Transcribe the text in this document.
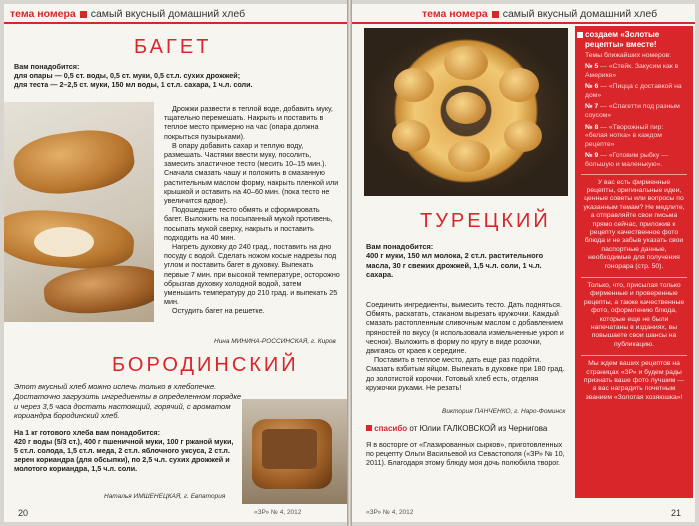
тема номера самый вкусный домашний хлеб
БАГЕТ

Вам понадобится:

для опары — 0,5 ст. воды, 0,5 ст. муки, 0,5 ст.л. сухих дрожжей;

для теста — 2–2,5 ст. муки, 150 мл воды, 1 ст.л. сахара, 1 ч.л. соли.

Дрожжи развести в теплой воде, добавить муку, тщательно перемешать. Накрыть и поставить в теплое место примерно на час (опара должна покрыться пузырьками).

В опару добавить сахар и теплую воду, размешать. Частями ввести муку, посолить, замесить эластичное тесто (месить 10–15 мин.). Сначала смазать чашу и положить в смазанную растительным маслом форму, накрыть пленкой или крышкой и оставить на 40–60 мин. (пока тесто не увеличится вдвое).

Подошедшее тесто обмять и сформировать багет. Выложить на посыпанный мукой противень, посыпать мукой сверху, накрыть и поставить подходить на 40 мин.

Нагреть духовку до 240 град., поставить на дно посуду с водой. Сделать ножом косые надрезы под углом и поставить багет в духовку. Выпекать первые 7 мин. при высокой температуре, осторожно обрызгав духовку холодной водой, затем уменьшить температуру до 210 град. и выпекать 25 мин.

Остудить багет на решетке.

Нина МИНИНА-РОССИНСКАЯ, г. Киров
БОРОДИНСКИЙ
Этот вкусный хлеб можно испечь только в хлебопечке. Достаточно загрузить ингредиенты в определенном порядке и через 3,5 часа достать настоящий, горячий, с ароматом кориандра бородинский хлеб.

На 1 кг готового хлеба вам понадобится:

420 г воды (5/3 ст.), 400 г пшеничной муки, 100 г ржаной муки, 5 ст.л. солода, 1,5 ст.л. меда, 2 ст.л. яблочного уксуса, 2 ст.л. зерен кориандра (для обсыпки), по 2,5 ч.л. сухих дрожжей и молотого кориандра, 1,5 ч.л. соли.

Наталья ИМШЕНЕЦКАЯ, г. Евпатория
20	«ЗР» № 4, 2012
тема номера самый вкусный домашний хлеб
ТУРЕЦКИЙ

Вам понадобится:

400 г муки, 150 мл молока, 2 ст.л. растительного масла, 30 г свежих дрожжей, 1,5 ч.л. соли, 1 ч.л. сахара.

Соединить ингредиенты, вымесить тесто. Дать подняться. Обмять, раскатать, стаканом вырезать кружочки. Каждый смазать растопленным сливочным маслом с добавлением пряностей по вкусу (я использовала измельченные укроп и чеснок). Выложить в форму по кругу в виде розочки, двигаясь от краев к середине.

Поставить в теплое место, дать еще раз подойти. Смазать взбитым яйцом. Выпекать в духовке при 180 град. до золотистой корочки. Готовый хлеб есть, отделяя кружочки руками. Не резать!

Виктория ПАНЧЕНКО, г. Наро-Фоминск
спасибо от Юлии ГАЛКОВСКОЙ из Чернигова
Я в восторге от «Глазированных сырков», приготовленных по рецепту Ольги Васильевой из Севастополя («ЗР» № 10, 2011). Благодаря этому блюду моя дочь полюбила творог.
создаем «Золотые рецепты» вместе!
Темы ближайших номеров:
№ 5 — «Стейк. Закусим как в Америке»
№ 6 — «Пицца с доставкой на дом»
№ 7 — «Спагетти под разным соусом»
№ 8 — «Творожный пир: «белая нотка» в каждом рецепте»
№ 9 — «Готовим рыбку — большую и маленькую».
У вас есть фирменные рецепты, оригинальные идеи, ценные советы или вопросы по указанным темам? Не медлите, а отправляйте свои письма прямо сейчас, приложив к рецепту качественное фото блюда и не забыв указать свои паспортные данные, необходимые для получения гонорара (стр. 50).
Только, что, присылая только фирменные и проверенные рецепты, а также качественные фото, оформлению блюда, которые еще не были напечатаны в изданиях, вы повышаете свои шансы на публикацию.
Мы ждем ваших рецептов на страницах «ЗР» и будем рады признать ваше фото лучшим — а вас наградить почетным званием «Золотая хозяюшка»!
«ЗР» № 4, 2012	21
